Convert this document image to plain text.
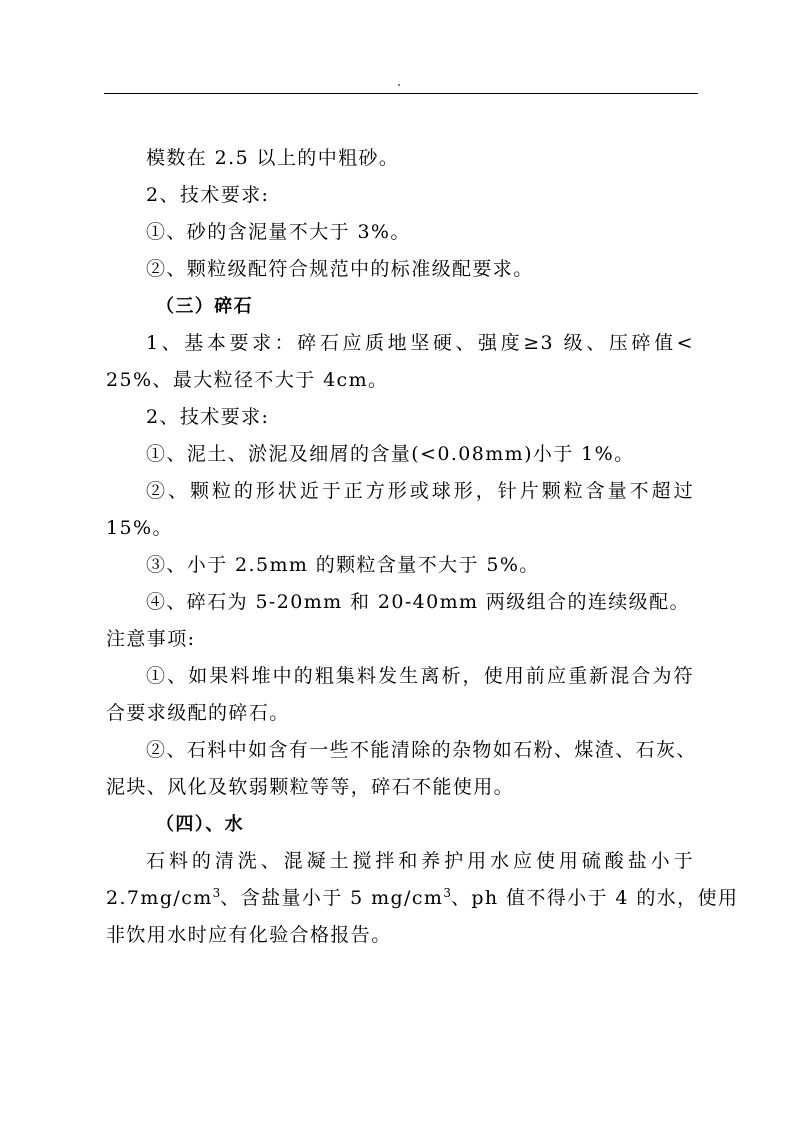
模数在 2.5 以上的中粗砂。
2、技术要求:
①、砂的含泥量不大于 3%。
②、颗粒级配符合规范中的标准级配要求。
（三）碎石
1、基本要求：碎石应质地坚硬、强度≥3 级、压碎值<
25%、最大粒径不大于 4cm。
2、技术要求:
①、泥土、淤泥及细屑的含量(<0.08mm)小于 1%。
②、颗粒的形状近于正方形或球形，针片颗粒含量不超过
15%。
③、小于 2.5mm 的颗粒含量不大于 5%。
④、碎石为 5-20mm 和 20-40mm 两级组合的连续级配。
注意事项:
①、如果料堆中的粗集料发生离析，使用前应重新混合为符
合要求级配的碎石。
②、石料中如含有一些不能清除的杂物如石粉、煤渣、石灰、
泥块、风化及软弱颗粒等等，碎石不能使用。
（四）、水
石料的清洗、混凝土搅拌和养护用水应使用硫酸盐小于
$2.7mg/cm^3$、含盐量小于 5 $mg/cm^3$、ph 值不得小于 4 的水，使用
非饮用水时应有化验合格报告。
